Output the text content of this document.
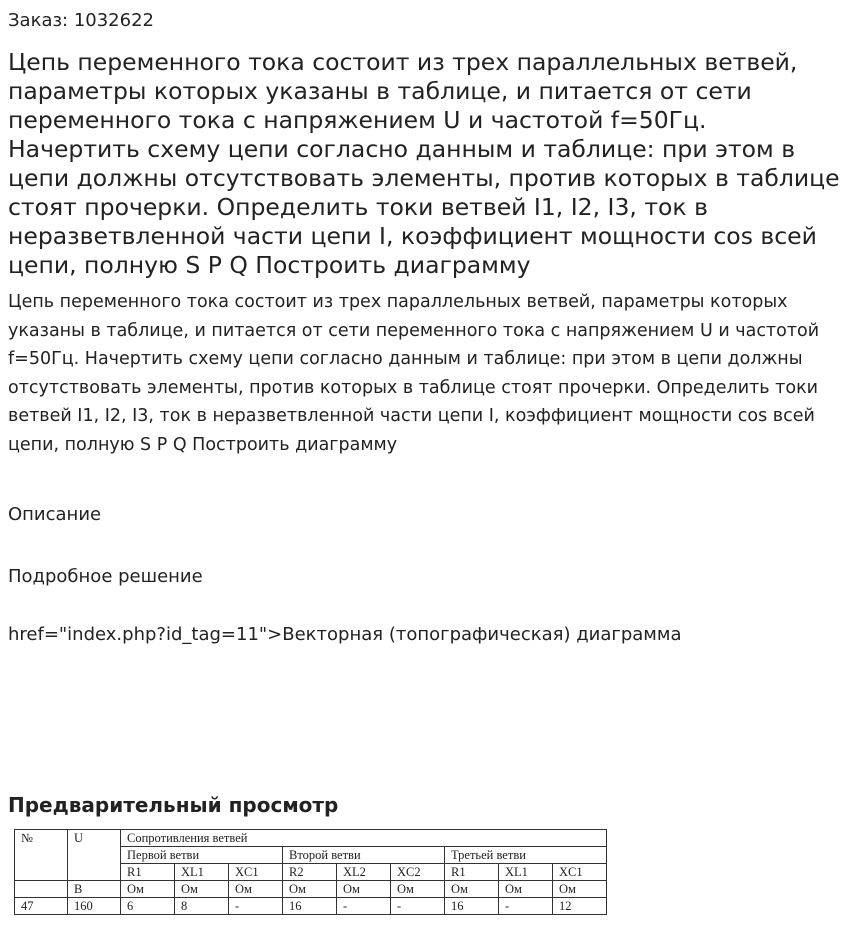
Заказ: 1032622
Цепь переменного тока состоит из трех параллельных ветвей, параметры которых указаны в таблице, и питается от сети переменного тока с напряжением U и частотой f=50Гц. Начертить схему цепи согласно данным и таблице: при этом в цепи должны отсутствовать элементы, против которых в таблице стоят прочерки. Определить токи ветвей I1, I2, I3, ток в неразветвленной части цепи I, коэффициент мощности cos всей цепи, полную S P Q Построить диаграмму

Цепь переменного тока состоит из трех параллельных ветвей, параметры которых указаны в таблице, и питается от сети переменного тока с напряжением U и частотой f=50Гц. Начертить схему цепи согласно данным и таблице: при этом в цепи должны отсутствовать элементы, против которых в таблице стоят прочерки. Определить токи ветвей I1, I2, I3, ток в неразветвленной части цепи I, коэффициент мощности cos всей цепи, полную S P Q Построить диаграмму

Описание
Подробное решение
href="index.php?id_tag=11">Векторная (топографическая) диаграмма
Предварительный просмотр
№	U	Сопротивления ветвей								
		Первой ветви			Второй ветви			Третьей ветви		
		R1	XL1	XC1	R2	XL2	XC2	R1	XL1	XC1
	В	Ом	Ом	Ом	Ом	Ом	Ом	Ом	Ом	Ом
47	160	6	8	-	16	-	-	16	-	12
